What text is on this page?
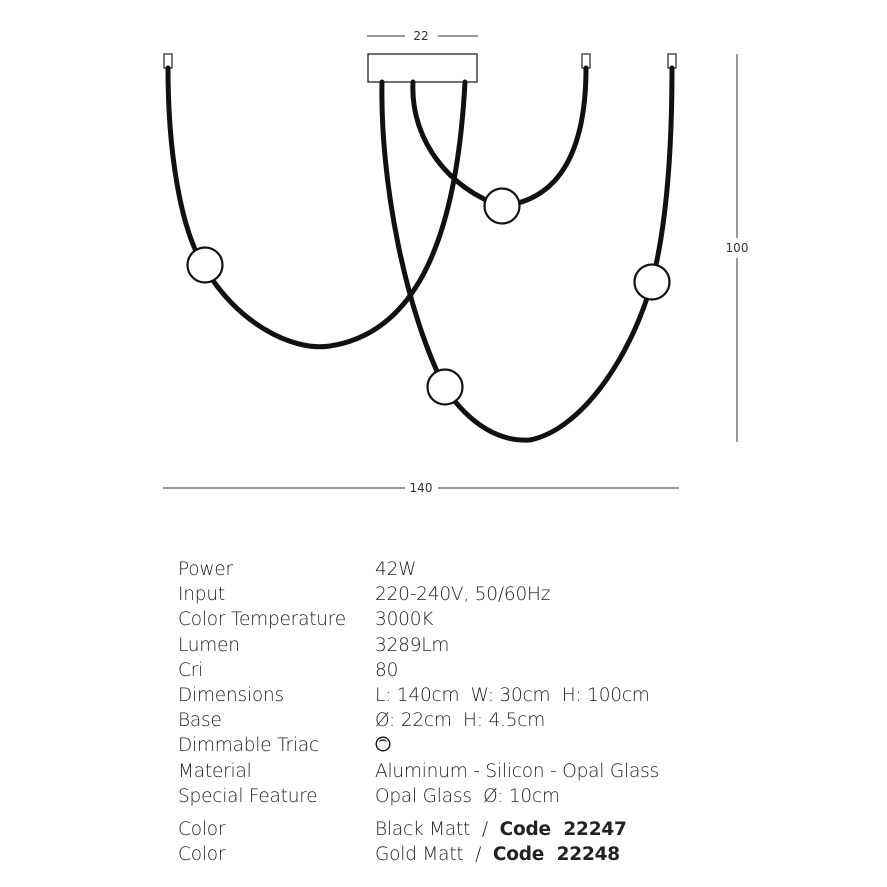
22
100
140
Power	42W
Input	220-240V, 50/60Hz
Color Temperature	3000K
Lumen	3289Lm
Cri	80
Dimensions	L: 140cm  W: 30cm  H: 100cm
Base	Ø: 22cm  H: 4.5cm
Dimmable Triac
Material	Aluminum - Silicon - Opal Glass
Special Feature	Opal Glass  Ø: 10cm
Color	Black Matt / Code  22247
Color	Gold Matt / Code  22248
